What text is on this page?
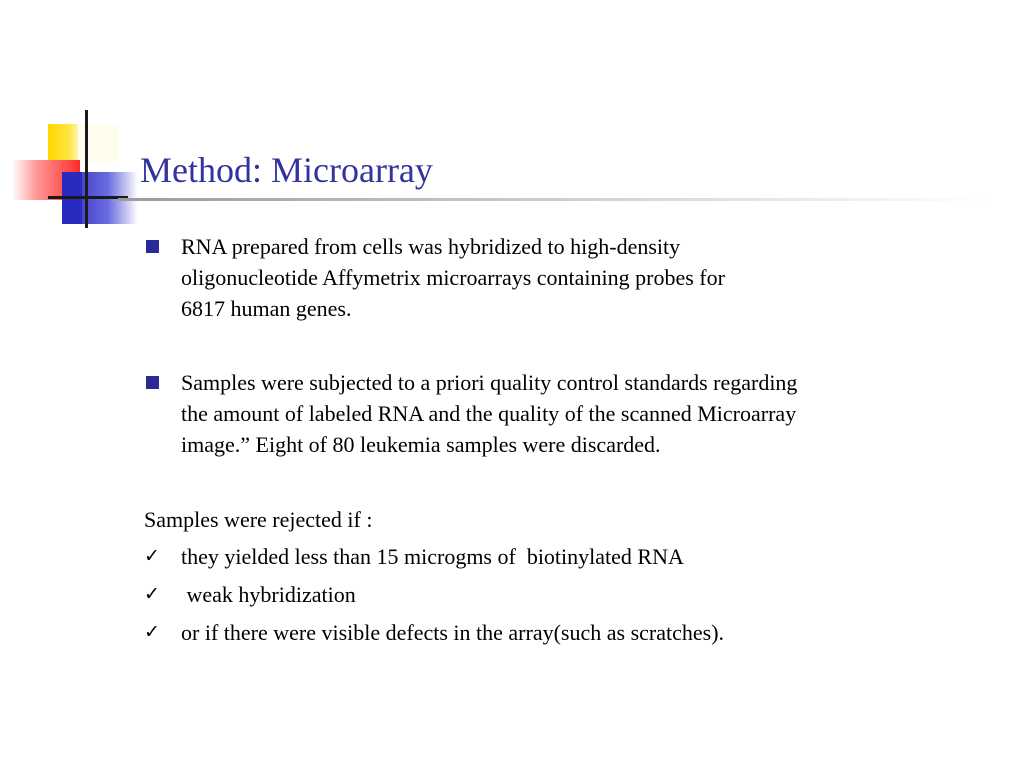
Method: Microarray
RNA prepared from cells was hybridized to high-density
oligonucleotide Affymetrix microarrays containing probes for
6817 human genes.
Samples were subjected to a priori quality control standards regarding
the amount of labeled RNA and the quality of the scanned Microarray
image.” Eight of 80 leukemia samples were discarded.
Samples were rejected if :
✓ they yielded less than 15 microgms of  biotinylated RNA
✓ weak hybridization
✓ or if there were visible defects in the array(such as scratches).
